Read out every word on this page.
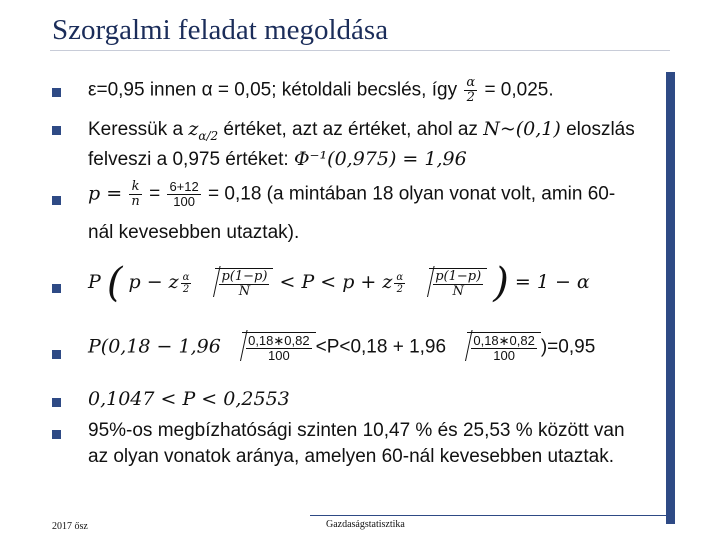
Szorgalmi feladat megoldása
ε=0,95 innen α = 0,05; kétoldali becslés, így $\frac{\alpha}{2} = 0,025$.
Keressük a $z_{\alpha/2}$ értéket, azt az értéket, ahol az N~(0,1) eloszlás
felveszi a 0,975 értéket: Φ⁻¹(0,975) = 1,96
$p = \frac{k}{n} = \frac{6+12}{100} = 0,18$ (a mintában 18 olyan vonat volt, amin 60-
nál kevesebben utaztak).
P ( p − z $\frac{\alpha}{2}$
$\frac{p(1-p)}{N} < P < p + z \frac{\alpha}{2}$
$\frac{p(1-p)}{N}$ ) = 1 − α
$P(0,18 - 1,96 \frac{0,18∗0,82}{100} <P<0,18 + 1,96 \frac{0,18∗0,82}{100} )=0,95$
0,1047 < P < 0,2553
95%-os megbízhatósági szinten 10,47 % és 25,53 % között van
az olyan vonatok aránya, amelyen 60-nál kevesebben utaztak.
2017 ősz	Gazdaságstatisztika
